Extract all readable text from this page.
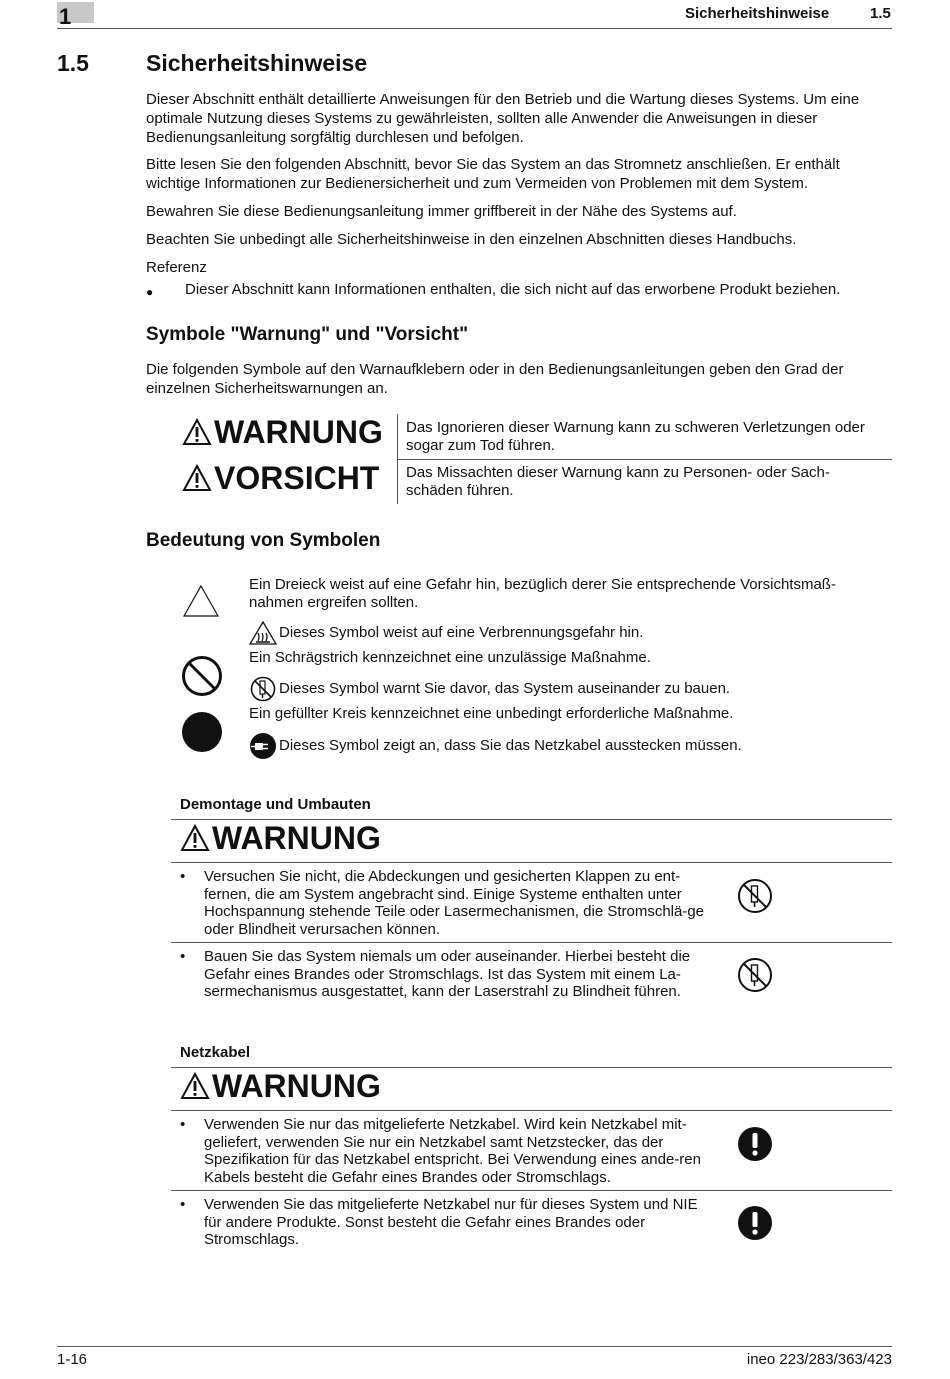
1	Sicherheitshinweise	1.5
1.5 Sicherheitshinweise
Dieser Abschnitt enthält detaillierte Anweisungen für den Betrieb und die Wartung dieses Systems. Um eine optimale Nutzung dieses Systems zu gewährleisten, sollten alle Anwender die Anweisungen in dieser Bedienungsanleitung sorgfältig durchlesen und befolgen.
Bitte lesen Sie den folgenden Abschnitt, bevor Sie das System an das Stromnetz anschließen. Er enthält wichtige Informationen zur Bedienersicherheit und zum Vermeiden von Problemen mit dem System.
Bewahren Sie diese Bedienungsanleitung immer griffbereit in der Nähe des Systems auf.
Beachten Sie unbedingt alle Sicherheitshinweise in den einzelnen Abschnitten dieses Handbuchs.
Referenz
● Dieser Abschnitt kann Informationen enthalten, die sich nicht auf das erworbene Produkt beziehen.
Symbole "Warnung" und "Vorsicht"
Die folgenden Symbole auf den Warnaufklebern oder in den Bedienungsanleitungen geben den Grad der einzelnen Sicherheitswarnungen an.
WARNUNG Das Ignorieren dieser Warnung kann zu schweren Verletzungen oder sogar zum Tod führen.
VORSICHT Das Missachten dieser Warnung kann zu Personen- oder Sach-schäden führen.
Bedeutung von Symbolen
Ein Dreieck weist auf eine Gefahr hin, bezüglich derer Sie entsprechende Vorsichtsmaß-nahmen ergreifen sollten.
Dieses Symbol weist auf eine Verbrennungsgefahr hin.
Ein Schrägstrich kennzeichnet eine unzulässige Maßnahme.
Dieses Symbol warnt Sie davor, das System auseinander zu bauen.
Ein gefüllter Kreis kennzeichnet eine unbedingt erforderliche Maßnahme.
Dieses Symbol zeigt an, dass Sie das Netzkabel ausstecken müssen.
Demontage und Umbauten
WARNUNG
• Versuchen Sie nicht, die Abdeckungen und gesicherten Klappen zu ent-fernen, die am System angebracht sind. Einige Systeme enthalten unter Hochspannung stehende Teile oder Lasermechanismen, die Stromschlä-ge oder Blindheit verursachen können.
• Bauen Sie das System niemals um oder auseinander. Hierbei besteht die Gefahr eines Brandes oder Stromschlags. Ist das System mit einem La-sermechanismus ausgestattet, kann der Laserstrahl zu Blindheit führen.
Netzkabel
WARNUNG
• Verwenden Sie nur das mitgelieferte Netzkabel. Wird kein Netzkabel mit-geliefert, verwenden Sie nur ein Netzkabel samt Netzstecker, das der Spezifikation für das Netzkabel entspricht. Bei Verwendung eines ande-ren Kabels besteht die Gefahr eines Brandes oder Stromschlags.
• Verwenden Sie das mitgelieferte Netzkabel nur für dieses System und NIE für andere Produkte. Sonst besteht die Gefahr eines Brandes oder Stromschlags.
1-16	ineo 223/283/363/423
